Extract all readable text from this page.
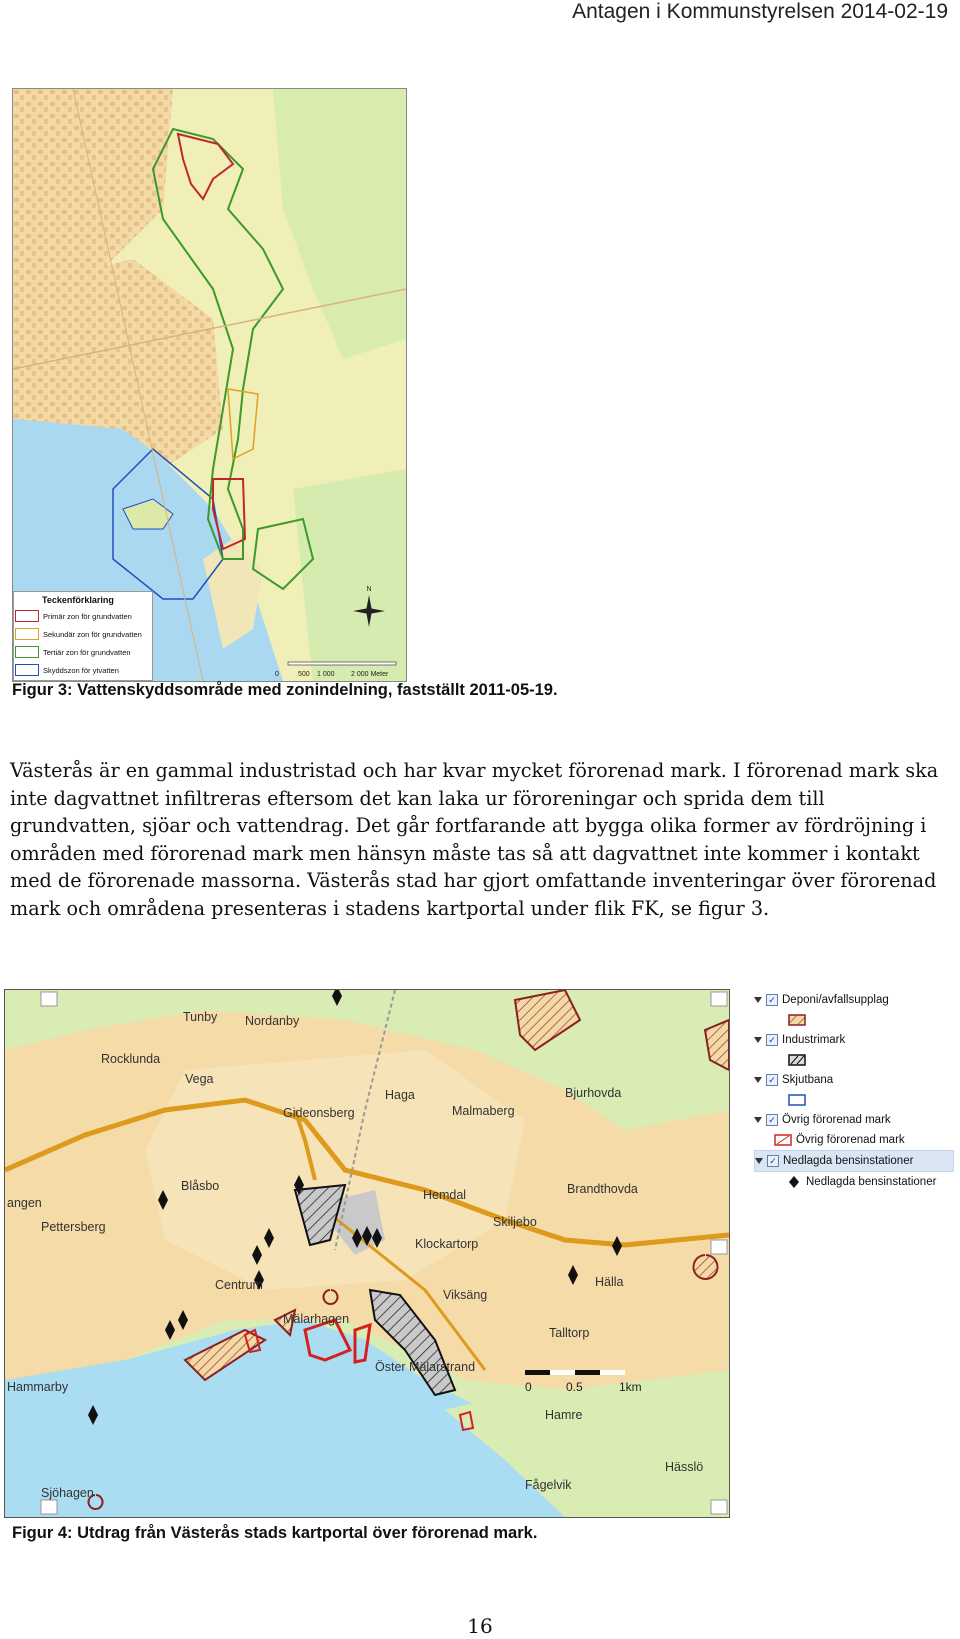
Antagen i Kommunstyrelsen 2014-02-19
N
0	500 1 000 2 000 Meter
Teckenförklaring
Primär zon för grundvatten
Sekundär zon för grundvatten
Tertiär zon för grundvatten
Skyddszon för ytvatten
Figur 3: Vattenskyddsområde med zonindelning, fastställt 2011-05-19.

Västerås är en gammal industristad och har kvar mycket förorenad mark. I förorenad mark ska inte dagvattnet infiltreras eftersom det kan laka ur föroreningar och sprida dem till grundvatten, sjöar och vattendrag. Det går fortfarande att bygga olika former av fördröjning i områden med förorenad mark men hänsyn måste tas så att dagvattnet inte kommer i kontakt med de förorenade massorna. Västerås stad har gjort omfattande inventeringar över förorenad mark och områdena presenteras i stadens kartportal under flik FK, se figur 3.

0	0.5	1km
Tunby Nordanby
Rocklunda
Vega
Gideonsberg
Haga
Malmaberg
Bjurhovda
Blåsbo
Hemdal	Brandthovda
angen
Pettersberg	Skiljebo
Klockartorp
Hälla
Centrum
Viksäng
Talltorp
Mälarhagen
Öster Mälarstrand
Hammarby
Hamre
Hässlö
Fågelvik
Sjöhagen
✓ Deponi/avfallsupplag
✓ Industrimark
✓ Skjutbana
✓ Övrig förorenad mark
Övrig förorenad mark
✓ Nedlagda bensinstationer
Nedlagda bensinstationer
Figur 4: Utdrag från Västerås stads kartportal över förorenad mark.
16
